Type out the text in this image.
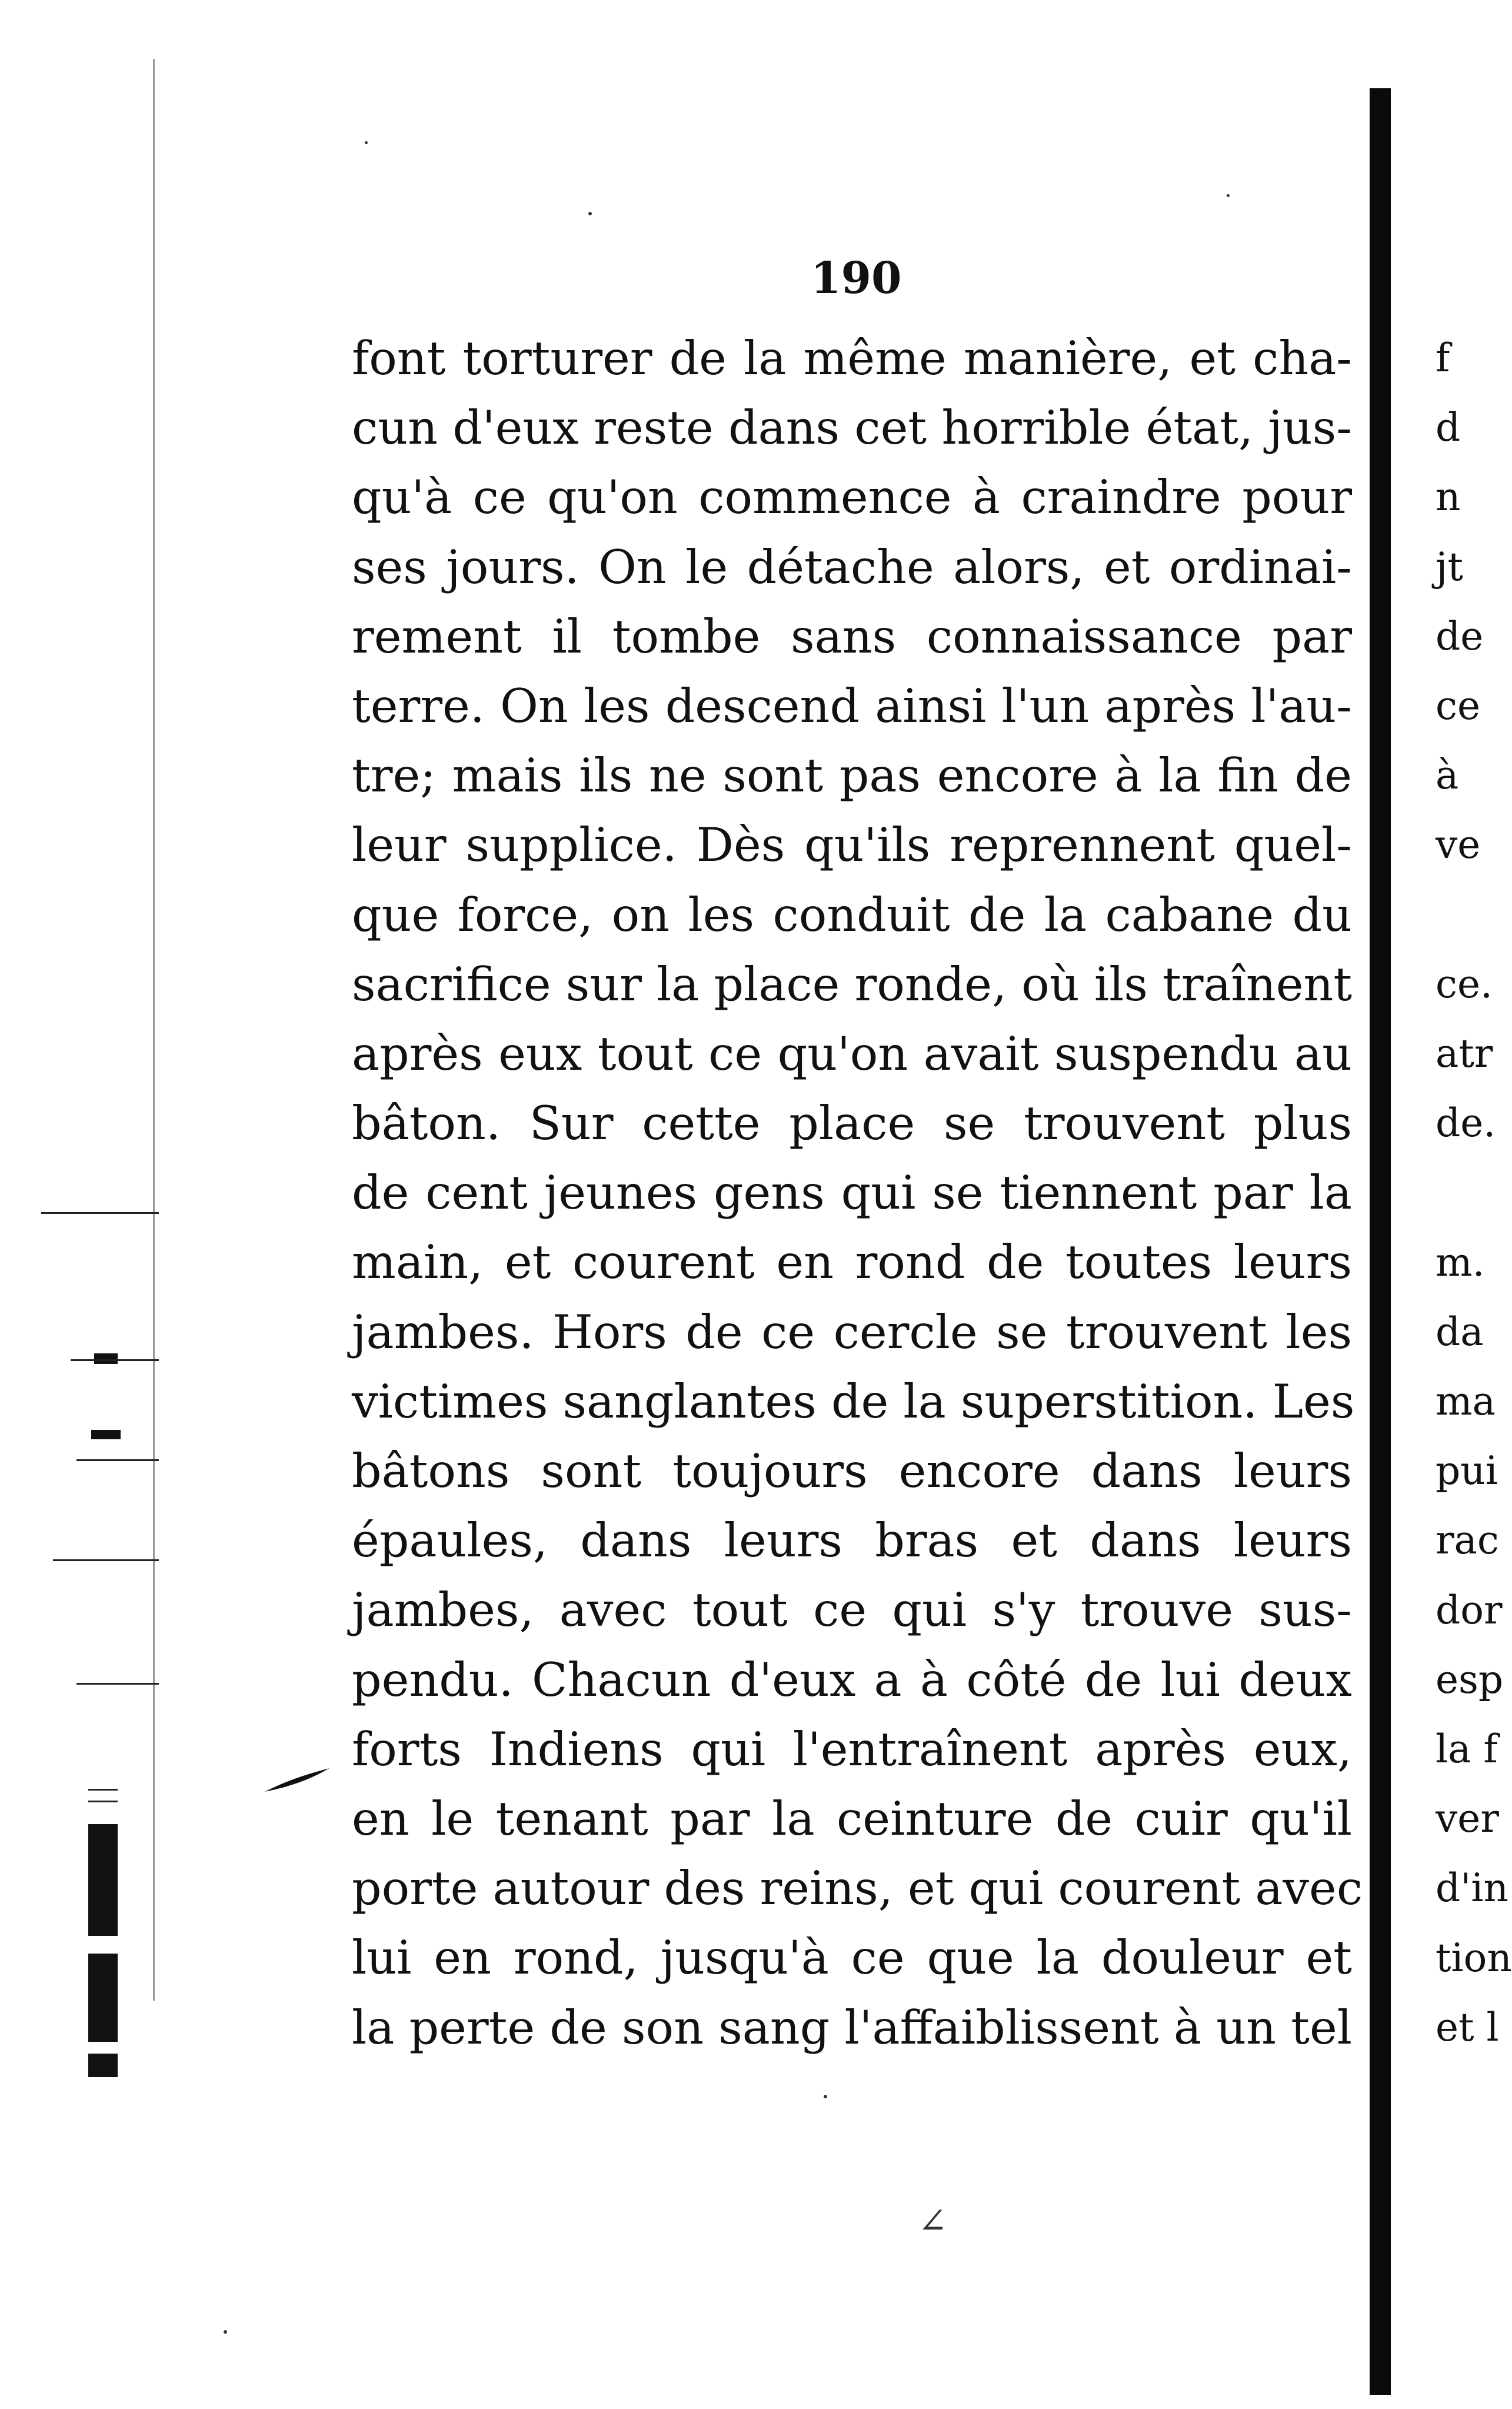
190
font torturer de la même manière, et cha-
cun d'eux reste dans cet horrible état, jus-
qu'à ce qu'on commence à craindre pour
ses jours. On le détache alors, et ordinai-
rement il tombe sans connaissance par
terre. On les descend ainsi l'un après l'au-
tre; mais ils ne sont pas encore à la fin de
leur supplice. Dès qu'ils reprennent quel-
que force, on les conduit de la cabane du
sacrifice sur la place ronde, où ils traînent
après eux tout ce qu'on avait suspendu au
bâton. Sur cette place se trouvent plus
de cent jeunes gens qui se tiennent par la
main, et courent en rond de toutes leurs
jambes. Hors de ce cercle se trouvent les
victimes sanglantes de la superstition. Les
bâtons sont toujours encore dans leurs
épaules, dans leurs bras et dans leurs
jambes, avec tout ce qui s'y trouve sus-
pendu. Chacun d'eux a à côté de lui deux
forts Indiens qui l'entraînent après eux,
en le tenant par la ceinture de cuir qu'il
porte autour des reins, et qui courent avec
lui en rond, jusqu'à ce que la douleur et
la perte de son sang l'affaiblissent à un tel
f
d
n
jt
de
ce
à
ve
ce.
atr
de.
m.
da
ma
pui
rac
dor
esp
la f
ver
d'in
tion
et l
∠
